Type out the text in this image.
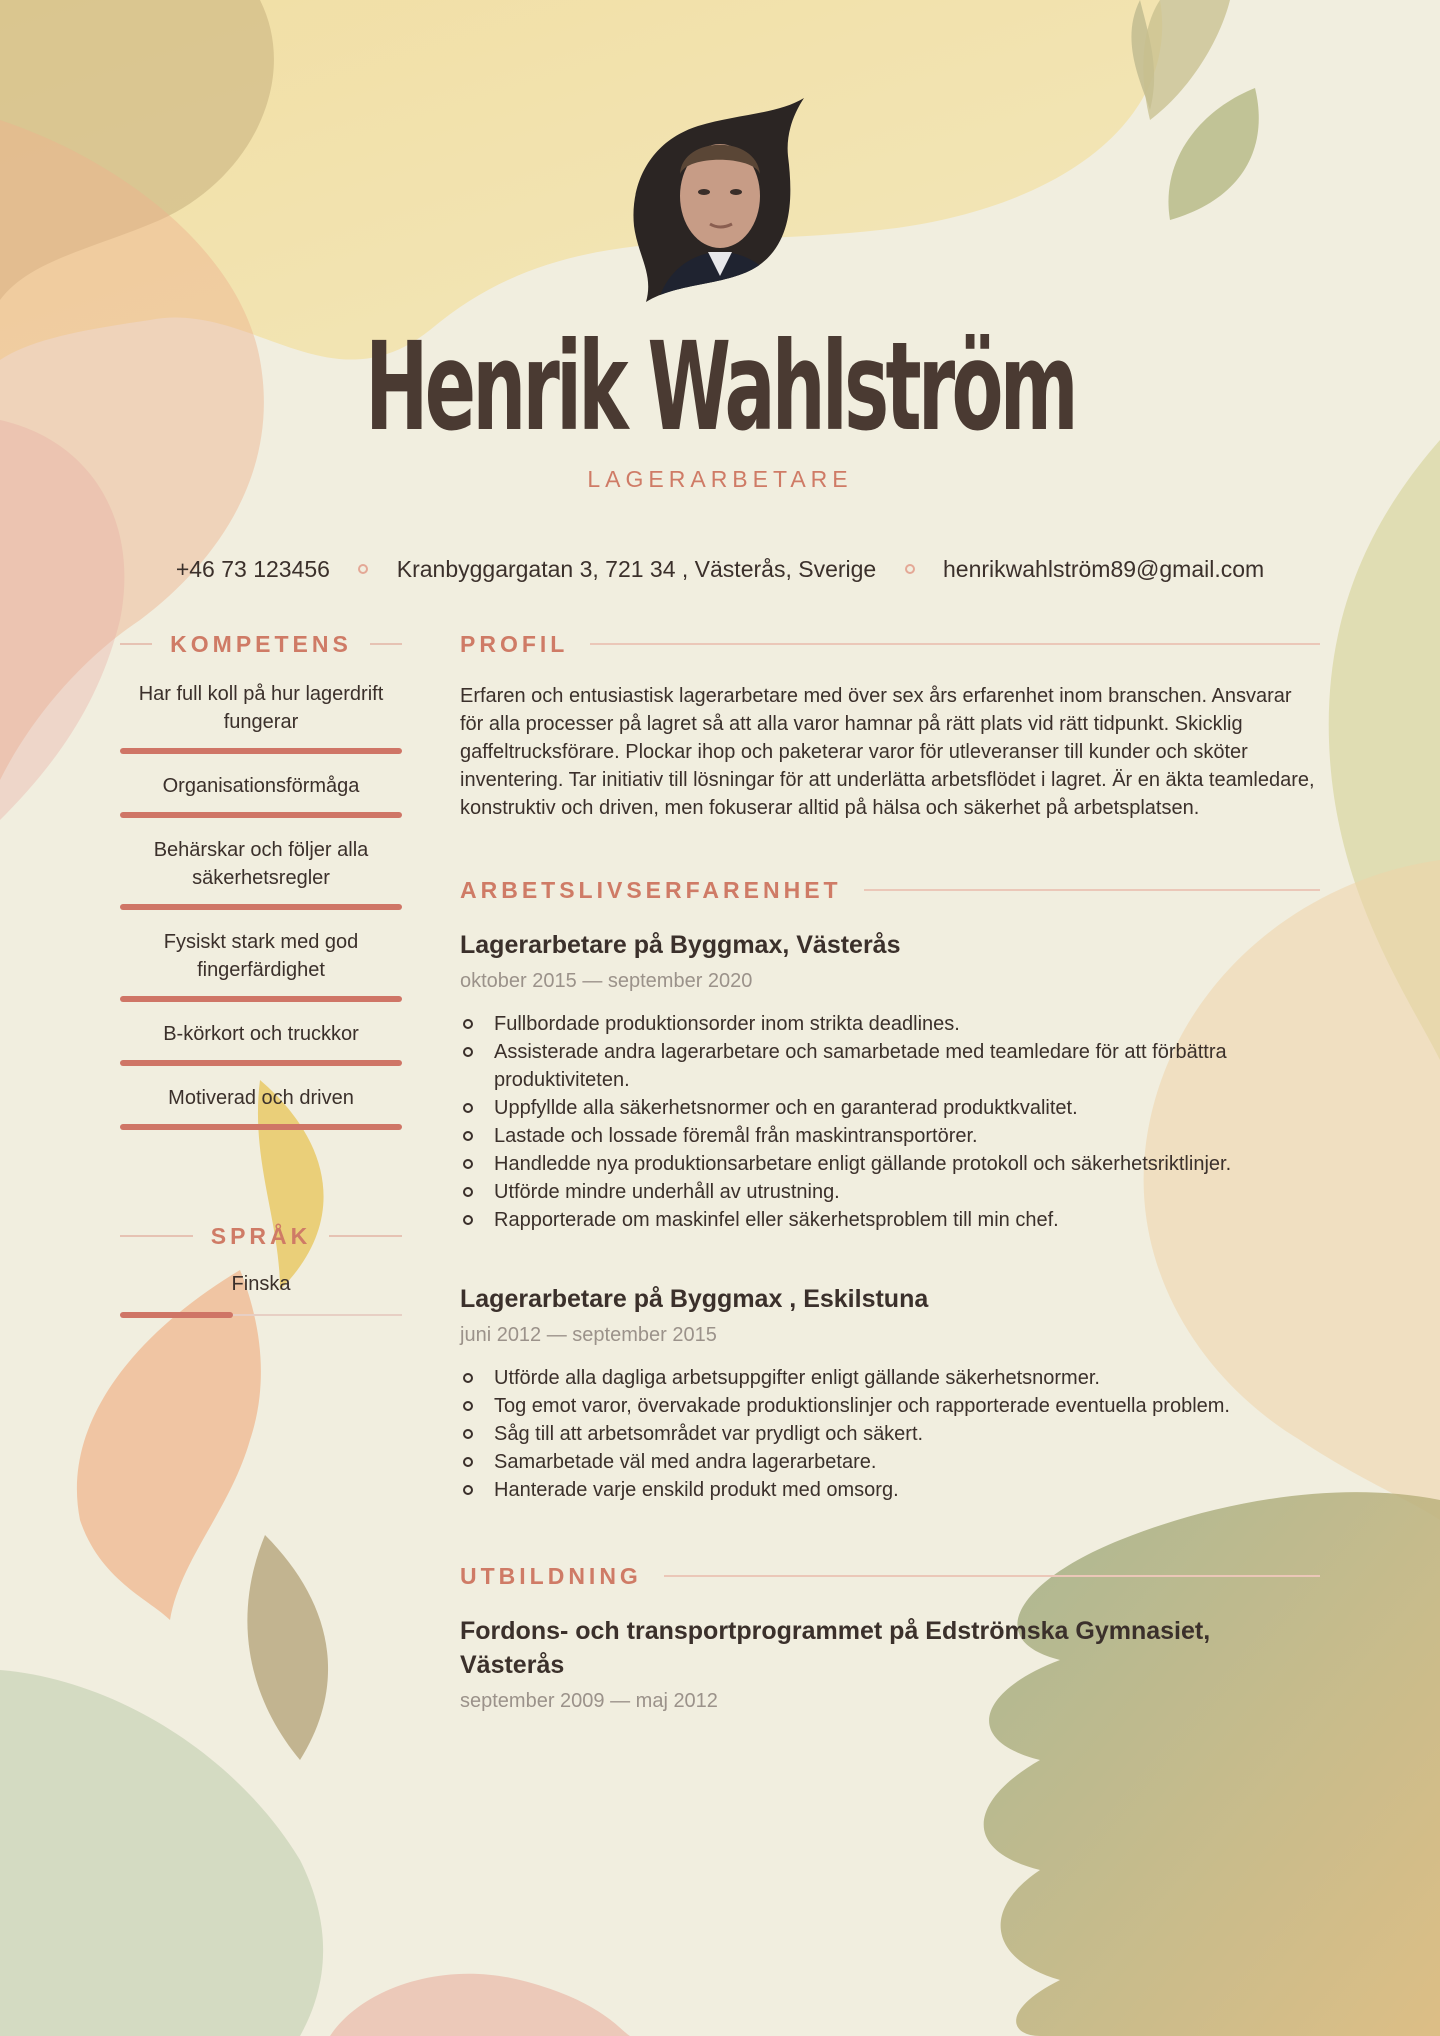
Henrik Wahlström
LAGERARBETARE
+46 73 123456	Kranbyggargatan 3, 721 34 , Västerås, Sverige	henrikwahlström89@gmail.com
KOMPETENS
Har full koll på hur lagerdrift fungerar
Organisationsförmåga
Behärskar och följer alla säkerhetsregler
Fysiskt stark med god fingerfärdighet
B-körkort och truckkor
Motiverad och driven
SPRÅK
Finska
PROFIL
Erfaren och entusiastisk lagerarbetare med över sex års erfarenhet inom branschen. Ansvarar för alla processer på lagret så att alla varor hamnar på rätt plats vid rätt tidpunkt. Skicklig gaffeltrucksförare. Plockar ihop och paketerar varor för utleveranser till kunder och sköter inventering. Tar initiativ till lösningar för att underlätta arbetsflödet i lagret. Är en äkta teamledare, konstruktiv och driven, men fokuserar alltid på hälsa och säkerhet på arbetsplatsen.
ARBETSLIVSERFARENHET
Lagerarbetare på Byggmax, Västerås
oktober 2015 — september 2020
Fullbordade produktionsorder inom strikta deadlines.
Assisterade andra lagerarbetare och samarbetade med teamledare för att förbättra produktiviteten.
Uppfyllde alla säkerhetsnormer och en garanterad produktkvalitet.
Lastade och lossade föremål från maskintransportörer.
Handledde nya produktionsarbetare enligt gällande protokoll och säkerhetsriktlinjer.
Utförde mindre underhåll av utrustning.
Rapporterade om maskinfel eller säkerhetsproblem till min chef.
Lagerarbetare på Byggmax , Eskilstuna
juni 2012 — september 2015
Utförde alla dagliga arbetsuppgifter enligt gällande säkerhetsnormer.
Tog emot varor, övervakade produktionslinjer och rapporterade eventuella problem.
Såg till att arbetsområdet var prydligt och säkert.
Samarbetade väl med andra lagerarbetare.
Hanterade varje enskild produkt med omsorg.
UTBILDNING
Fordons- och transportprogrammet på Edströmska Gymnasiet, Västerås
september 2009 — maj 2012
